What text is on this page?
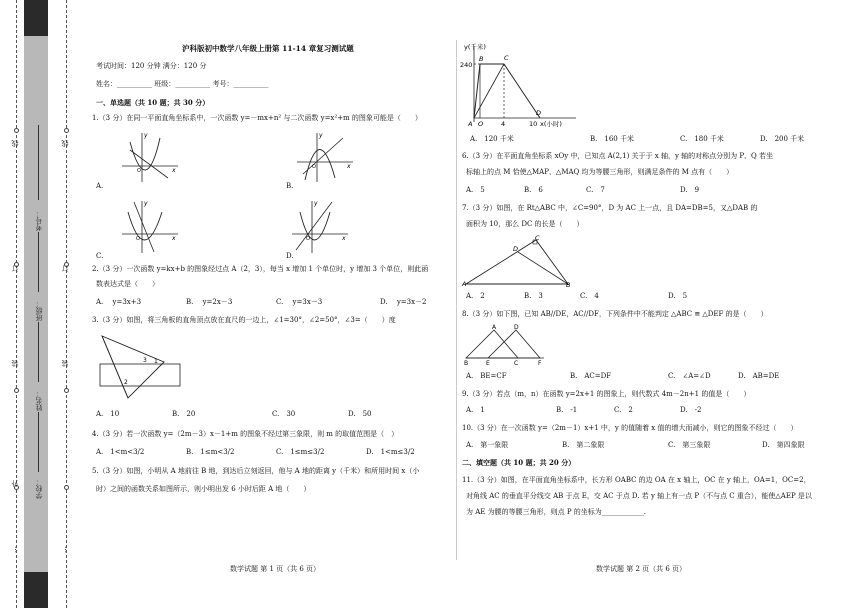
线
订
装
外
…
线
订
装
…
考号：
班级：
姓名：
学校：
沪科版初中数学八年级上册第 11-14 章复习测试题
考试时间：120 分钟 满分：120 分
姓名：__________ 班级：__________ 考号：__________
一、单选题（共 10 题；共 30 分）
1.（3 分）在同一平面直角坐标系中，一次函数 y=－mx+n² 与二次函数 y=x²+m 的图象可能是（　　）
y
x
O
A.
y
x
O
B.
y
x
O
C.
y
x
O
D.
2.（3 分）一次函数 y=kx+b 的图象经过点 A（2，3），每当 x 增加 1 个单位时，y 增加 3 个单位，则此函
数表达式是（　　）
A.　 y=3x+3	B.　 y=2x－3	C.　 y=3x－3	D.　 y=3x－2
3.（3 分）如图，将三角板的直角顶点放在直尺的一边上，∠1=30°，∠2=50°，∠3=（　　）度
3 1
2
A.　10	B.　20	C.　30	D.　50
4.（3 分）若一次函数 y=（2m－3）x－1+m 的图象不经过第三象限，则 m 的取值范围是（　）
A.　1<m<3/2	B.　1≤m<3/2	C.　1≤m≤3/2	D.　1<m≤3/2
5.（3 分）如图，小明从 A 地前往 B 地，到达后立刻返回，他与 A 地的距离 y（千米）和所用时间 x（小
时）之间的函数关系如图所示，则小明出发 6 小时后距 A 地（　　）
数学试题 第 1 页（共 6 页）
y(千米)
240
B	C
D
A O	4	10 x(小时)
A.　120 千米	B.　160 千米	C.　180 千米	D.　200 千米
6.（3 分）在平面直角坐标系 xOy 中，已知点 A(2,1) 关于于 x 轴，y 轴的对称点分别为 P、Q 若坐
标轴上的点 M 恰使△MAP、△MAQ 均为等腰三角形，则满足条件的 M 点有（　　）
A.　5	B.　6	C.　7	D.　9
7.（3 分）如图，在 Rt△ABC 中，∠C=90°，D 为 AC 上一点，且 DA=DB=5，又△DAB 的
面积为 10，那么 DC 的长是（　　）
C
D
A	B
A.　2	B.　3	C.　4	D.　5
8.（3 分）如下图，已知 AB//DE，AC//DF，下列条件中不能判定 △ABC ≌ △DEF 的是（　　）
A	D
B	E	C	F
A.　BE=CF	B.　AC=DF	C.　∠A=∠D	D.　AB=DE
9.（3 分）若点（m，n）在函数 y=2x+1 的图象上，则代数式 4m－2n+1 的值是（　　）
A.　1	B.　-1	C.　2	D.　-2
10.（3 分）在一次函数 y=（2m－1）x+1 中，y 的值随着 x 值的增大而减小，则它的图象不经过（　　）
A.　第一象限	B.　第二象限	C.　第三象限	D.　第四象限
二、填空题（共 10 题；共 20 分）
11.（3 分）如图，在平面直角坐标系中，长方形 OABC 的边 OA 在 x 轴上，OC 在 y 轴上，OA=1，OC=2，
对角线 AC 的垂直平分线交 AB 于点 E，交 AC 于点 D. 若 y 轴上有一点 P（不与点 C 重合），能使△AEP 是以
为 AE 为腰的等腰三角形，则点 P 的坐标为____________.
数学试题 第 2 页（共 6 页）
